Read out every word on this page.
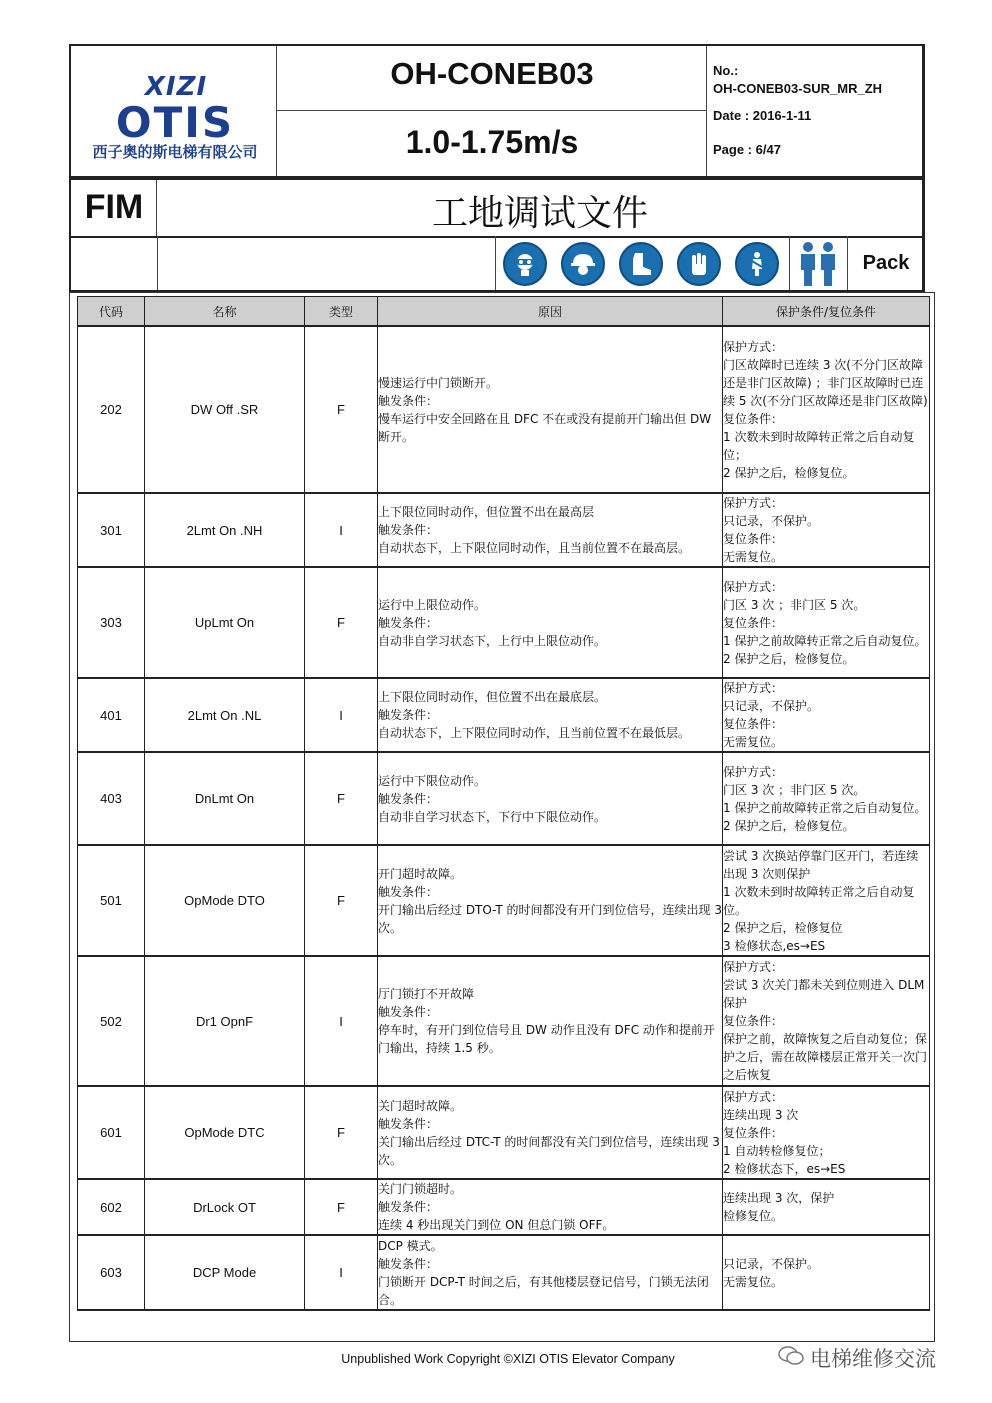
XIZI
OTIS
西子奥的斯电梯有限公司
OH-CONEB03
1.0-1.75m/s
No.:
OH-CONEB03-SUR_MR_ZH
Date : 2016-1-11
Page : 6/47
FIM	工地调试文件
Pack
代码	名称	类型	原因	保护条件/复位条件
202	DW Off .SR	F	慢速运行中门锁断开。
触发条件：
慢车运行中安全回路在且 DFC 不在或没有提前开门输出但 DW 断开。	保护方式：
门区故障时已连续 3 次(不分门区故障还是非门区故障) ；非门区故障时已连续 5 次(不分门区故障还是非门区故障)
复位条件：
1 次数未到时故障转正常之后自动复位；
2 保护之后，检修复位。

301	2Lmt On .NH	I	上下限位同时动作，但位置不出在最高层
触发条件：
自动状态下，上下限位同时动作，且当前位置不在最高层。	保护方式：
只记录，不保护。
复位条件：
无需复位。

303	UpLmt On	F	运行中上限位动作。
触发条件：
自动非自学习状态下，上行中上限位动作。	保护方式：
门区 3 次 ；非门区 5 次。
复位条件：
1 保护之前故障转正常之后自动复位。
2 保护之后，检修复位。

401	2Lmt On .NL	I	上下限位同时动作，但位置不出在最底层。
触发条件：
自动状态下，上下限位同时动作，且当前位置不在最低层。	保护方式：
只记录，不保护。
复位条件：
无需复位。

403	DnLmt On	F	运行中下限位动作。
触发条件：
自动非自学习状态下，下行中下限位动作。	保护方式：
门区 3 次 ；非门区 5 次。
1 保护之前故障转正常之后自动复位。
2 保护之后，检修复位。

501	OpMode DTO	F	开门超时故障。
触发条件：
开门输出后经过 DTO-T 的时间都没有开门到位信号，连续出现 3 次。	尝试 3 次换站停靠门区开门，若连续出现 3 次则保护
1 次数未到时故障转正常之后自动复位。
2 保护之后，检修复位
3 检修状态,es→ES

502	Dr1 OpnF	I	厅门锁打不开故障
触发条件：
停车时，有开门到位信号且 DW 动作且没有 DFC 动作和提前开门输出，持续 1.5 秒。	保护方式：
尝试 3 次关门都未关到位则进入 DLM 保护
复位条件：
保护之前，故障恢复之后自动复位；保护之后，需在故障楼层正常开关一次门之后恢复

601	OpMode DTC	F	关门超时故障。
触发条件：
关门输出后经过 DTC-T 的时间都没有关门到位信号，连续出现 3 次。	保护方式：
连续出现 3 次
复位条件：
1 自动转检修复位；
2 检修状态下，es→ES

602	DrLock OT	F	关门门锁超时。
触发条件：
连续 4 秒出现关门到位 ON 但总门锁 OFF。	连续出现 3 次，保护
检修复位。

603	DCP Mode	I	DCP 模式。
触发条件：
门锁断开 DCP-T 时间之后，有其他楼层登记信号，门锁无法闭合。	只记录，不保护。
无需复位。
Unpublished Work Copyright ©XIZI OTIS Elevator Company	电梯维修交流
